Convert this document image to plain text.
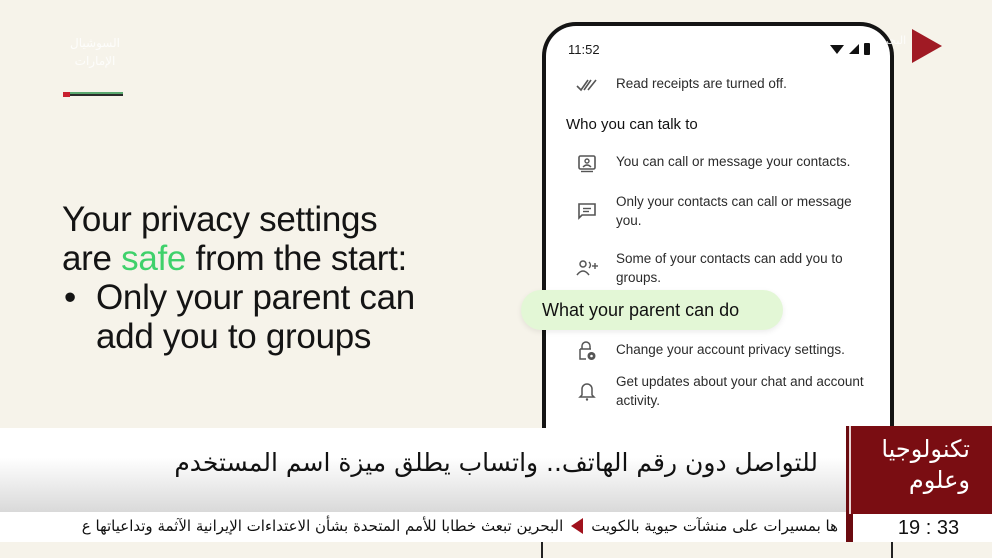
السوشيال الإمارات
Your privacy settings
are safe from the start:
• Only your parent can
add you to groups
11:52
Read receipts are turned off.
Who you can talk to
You can call or message your contacts.
Only your contacts can call or message you.
Some of your contacts can add you to groups.
Change your account privacy settings.
Get updates about your chat and account activity.
What your parent can do
البحرين
للتواصل دون رقم الهاتف.. واتساب يطلق ميزة اسم المستخدم
ها بمسيرات على منشآت حيوية بالكويت
البحرين تبعث خطابا للأمم المتحدة بشأن الاعتداءات الإيرانية الآثمة وتداعياتها ع
تكنولوجيا
وعلوم
19 : 33
